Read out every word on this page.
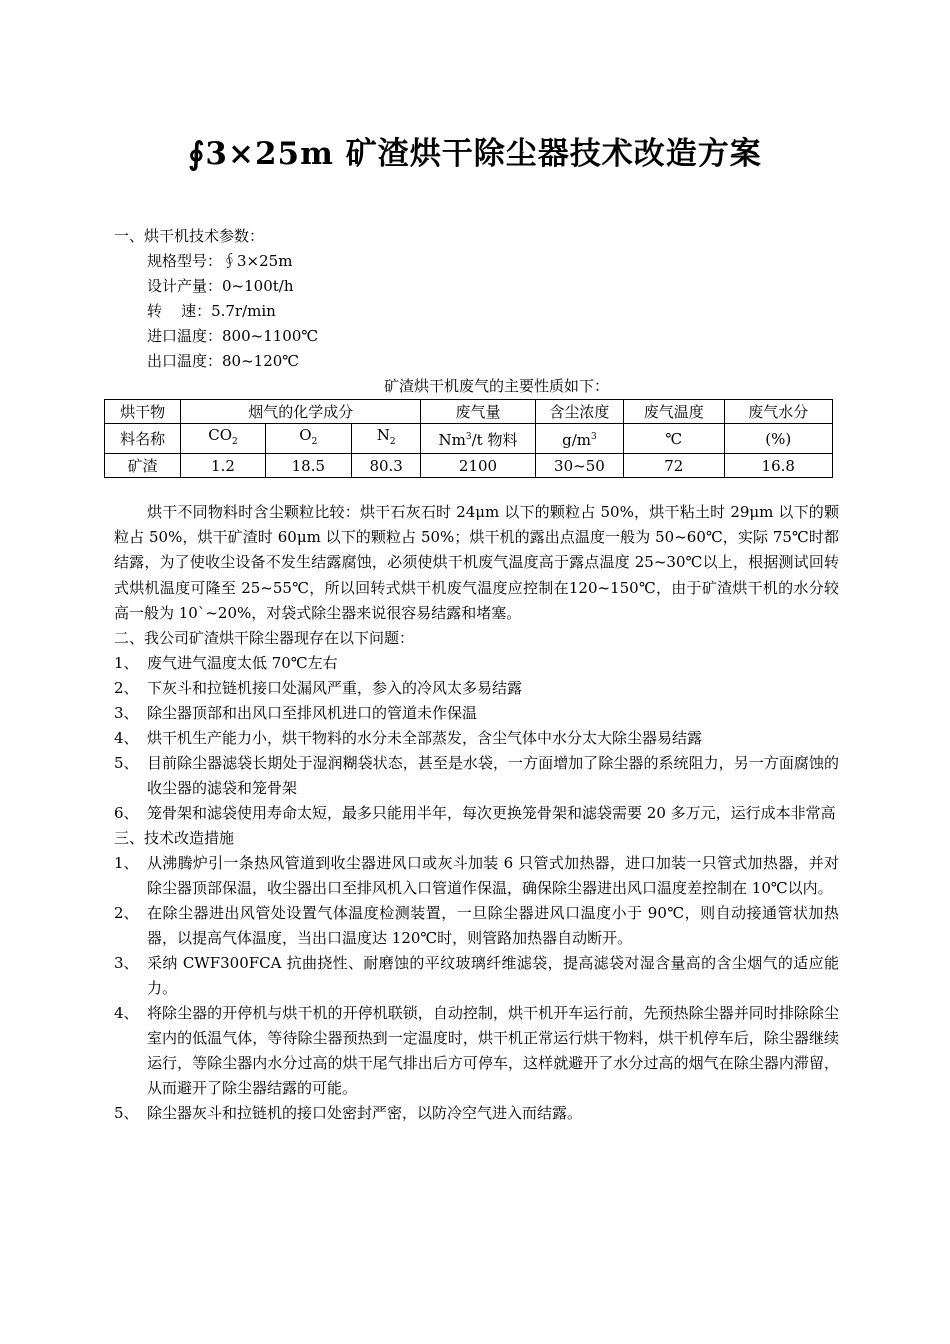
∮3×25m 矿渣烘干除尘器技术改造方案
一、烘干机技术参数：
规格型号：∮3×25m
设计产量：0~100t/h
转    速：5.7r/min
进口温度：800~1100℃
出口温度：80~120℃
矿渣烘干机废气的主要性质如下：
烘干物	烟气的化学成分			废气量	含尘浓度	废气温度	废气水分
料名称	$CO_2$	$O_2$	$N_2$	Nm$^3$/t 物料	$g/m^3$	℃	(%)
矿渣	1.2	18.5	80.3	2100	30~50	72	16.8
烘干不同物料时含尘颗粒比较：烘干石灰石时 24μm 以下的颗粒占 50%，烘干粘土时 29μm 以下的颗粒占 50%，烘干矿渣时 60μm 以下的颗粒占 50%；烘干机的露出点温度一般为 50~60℃，实际 75℃时都结露，为了使收尘设备不发生结露腐蚀，必须使烘干机废气温度高于露点温度 25~30℃以上，根据测试回转式烘机温度可隆至 25~55℃，所以回转式烘干机废气温度应控制在120~150℃，由于矿渣烘干机的水分较高一般为 10`~20%，对袋式除尘器来说很容易结露和堵塞。
二、我公司矿渣烘干除尘器现存在以下问题：
1、 废气进气温度太低 70℃左右
2、 下灰斗和拉链机接口处漏风严重，参入的冷风太多易结露
3、 除尘器顶部和出风口至排风机进口的管道未作保温
4、 烘干机生产能力小，烘干物料的水分未全部蒸发，含尘气体中水分太大除尘器易结露
5、 目前除尘器滤袋长期处于湿润糊袋状态，甚至是水袋，一方面增加了除尘器的系统阻力，另一方面腐蚀的收尘器的滤袋和笼骨架
6、 笼骨架和滤袋使用寿命太短，最多只能用半年，每次更换笼骨架和滤袋需要 20 多万元，运行成本非常高
三、技术改造措施
1、 从沸腾炉引一条热风管道到收尘器进风口或灰斗加装 6 只管式加热器，进口加装一只管式加热器，并对除尘器顶部保温，收尘器出口至排风机入口管道作保温，确保除尘器进出风口温度差控制在 10℃以内。
2、 在除尘器进出风管处设置气体温度检测装置，一旦除尘器进风口温度小于 90℃，则自动接通管状加热器，以提高气体温度，当出口温度达 120℃时，则管路加热器自动断开。
3、 采纳 CWF300FCA 抗曲挠性、耐磨蚀的平纹玻璃纤维滤袋，提高滤袋对湿含量高的含尘烟气的适应能力。
4、 将除尘器的开停机与烘干机的开停机联锁，自动控制，烘干机开车运行前，先预热除尘器并同时排除除尘室内的低温气体，等待除尘器预热到一定温度时，烘干机正常运行烘干物料，烘干机停车后，除尘器继续运行，等除尘器内水分过高的烘干尾气排出后方可停车，这样就避开了水分过高的烟气在除尘器内滞留，从而避开了除尘器结露的可能。
5、 除尘器灰斗和拉链机的接口处密封严密，以防冷空气进入而结露。
